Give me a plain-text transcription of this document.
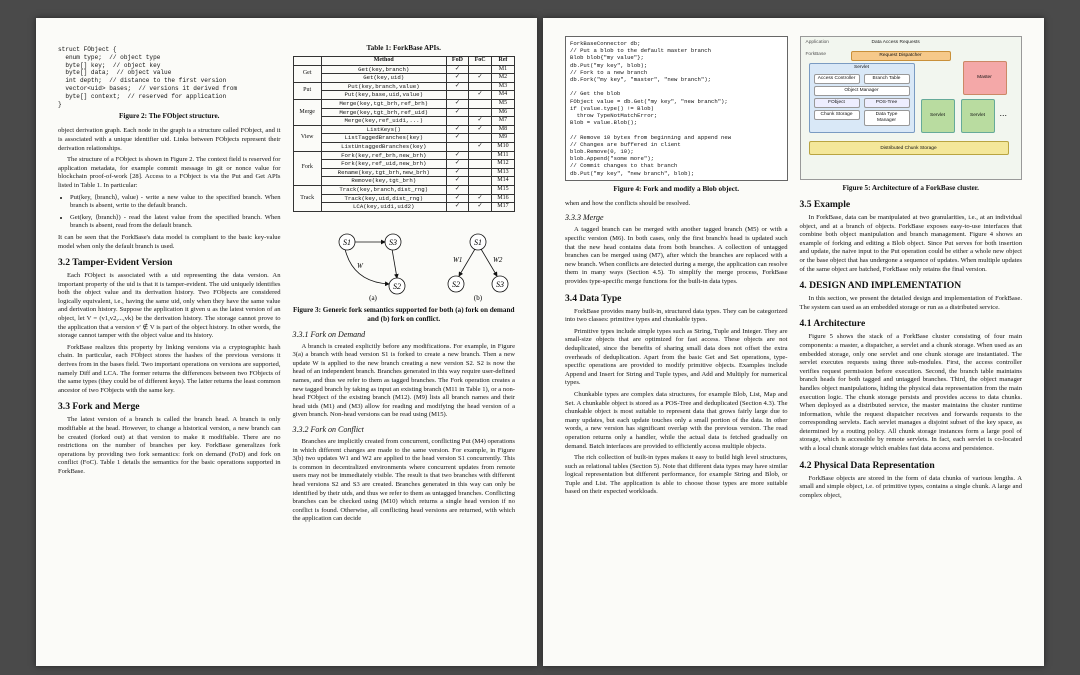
struct FObject {
enum type;  // object type
byte[] key;  // object key
byte[] data;  // object value
int depth;  // distance to the first version
vector<uid> bases;  // versions it derived from
byte[] context;  // reserved for application
}
Figure 2: The FObject structure.

object derivation graph. Each node in the graph is a structure called FObject, and it is associated with a unique identifier uid. Links between FObjects represent their derivation relationships.

The structure of a FObject is shown in Figure 2. The context field is reserved for application metadata, for example commit message in git or nonce value for blockchain proof-of-work [28]. Access to a FObject is via the Put and Get APIs listed in Table 1. In particular:

• Put(key, ⟨branch⟩, value) - write a new value to the specified branch. When branch is absent, write to the default branch.
• Get(key, ⟨branch⟩) - read the latest value from the specified branch. When branch is absent, read from the default branch.

It can be seen that the ForkBase's data model is compliant to the basic key-value model when only the default branch is used.

3.2 Tamper-Evident Version

Each FObject is associated with a uid representing the data version. An important property of the uid is that it is tamper-evident. The uid uniquely identifies both the object value and its derivation history. Two FObjects are considered logically equivalent, i.e., having the same uid, only when they have the same value and derivation history. Suppose the application it given u as the latest version of an object, let V = (v1,v2,...,vk) be the derivation history. The storage cannot prove to the application that a version v' ∉ V is part of the object history. In other words, the storage cannot tamper with the object value and its history.

ForkBase realizes this property by linking versions via a cryptographic hash chain. In particular, each FObject stores the hashes of the previous versions it derives from in the bases field. Two important operations on versions are supported, namely Diff and LCA. The former returns the differences between two FObjects of the same types (they could be of different keys). The latter returns the least common ancestor of two FObjects with the same key.

3.3 Fork and Merge

The latest version of a branch is called the branch head. A branch is only modifiable at the head. However, to change a historical version, a new branch can be created (forked out) at that version to make it modifiable. There are no restrictions on the number of branches per key. ForkBase generalizes fork operations by providing two fork semantics: fork on demand (FoD) and fork on conflict (FoC). Table 1 details the semantics for the basic operations supported in ForkBase.

Table 1: ForkBase APIs.
	Method	FoD	FoC	Ref
Get	Get(key,branch)	✓		M1
	Get(key,uid)	✓	✓	M2
Put	Put(key,branch,value)	✓		M3
	Put(key,base,uid,value)		✓	M4
Merge	Merge(key,tgt_brh,ref_brh)	✓		M5
	Merge(key,tgt_brh,ref_uid)	✓		M6
	Merge(key,ref_uid1,...)		✓	M7
View	ListKeys()	✓	✓	M8
	ListTaggedBranches(key)	✓		M9
	ListUntaggedBranches(key)		✓	M10
Fork	Fork(key,ref_brh,new_brh)	✓		M11
	Fork(key,ref_uid,new_brh)	✓		M12
	Rename(key,tgt_brh,new_brh)	✓		M13
	Remove(key,tgt_brh)	✓		M14
Track	Track(key,branch,dist_rng)	✓		M15
	Track(key,uid,dist_rng)	✓	✓	M16
	LCA(key,uid1,uid2)	✓	✓	M17
S1	S3
S2
W
(a)
S1
S2	S3
W1	W2
(b)
Figure 3: Generic fork semantics supported for both (a) fork on demand and (b) fork on conflict.
3.3.1 Fork on Demand

A branch is created explicitly before any modifications. For example, in Figure 3(a) a branch with head version S1 is forked to create a new branch. Then a new update W is applied to the new branch creating a new version S2. S2 is now the head of an independent branch. Branches generated in this way require user-defined names, and thus we refer to them as tagged branches. The Fork operation creates a new tagged branch by taking as input an existing branch (M11 in Table 1), or a non-head FObject of the existing branch (M12). (M9) lists all branch names and their head uids (M1) and (M3) allow for reading and modifying the head version of a given branch. Non-head versions can be read using (M15).

3.3.2 Fork on Conflict

Branches are implicitly created from concurrent, conflicting Put (M4) operations in which different changes are made to the same version. For example, in Figure 3(b) two updates W1 and W2 are applied to the head version S1 concurrently. This is common in decentralized environments where concurrent updates from remote users may not be immediately visible. The result is that two branches with different head versions S2 and S3 are created. Branches generated in this way can only be identified by their uids, and thus we refer to them as untagged branches. Conflicting branches can be checked using (M10) which returns a single head version if no conflict is found. Otherwise, all conflicting head versions are returned, with which the application can decide

ForkBaseConnector db;
// Put a blob to the default master branch
Blob blob{"my value"};
db.Put("my key", blob);
// Fork to a new branch
db.Fork("my key", "master", "new branch");

// Get the blob
FObject value = db.Get("my key", "new branch");
if (value.type() != Blob)
throw TypeNotMatchError;
Blob = value.Blob();

// Remove 10 bytes from beginning and append new
// Changes are buffered in client
blob.Remove(0, 10);
blob.Append("some more");
// Commit changes to that branch
db.Put("my key", "new branch", blob);
Figure 4: Fork and modify a Blob object.

when and how the conflicts should be resolved.

3.3.3 Merge

A tagged branch can be merged with another tagged branch (M5) or with a specific version (M6). In both cases, only the first branch's head is updated such that the new head contains data from both branches. A collection of untagged branches can be merged using (M7), after which the branches are replaced with a new branch. When conflicts are detected during a merge, the application can resolve them in many ways (Section 4.5). To simplify the merge process, ForkBase provides type-specific merge functions for the built-in data types.

3.4 Data Type

ForkBase provides many built-in, structured data types. They can be categorized into two classes: primitive types and chunkable types.

Primitive types include simple types such as String, Tuple and Integer. They are small-size objects that are optimized for fast access. These objects are not deduplicated, since the benefits of sharing small data does not offset the extra overheads of deduplication. Apart from the basic Get and Set operations, type-specific operations are provided to modify primitive objects. Examples include Append and Insert for String and Tuple types, and Add and Multiply for numerical types.

Chunkable types are complex data structures, for example Blob, List, Map and Set. A chunkable object is stored as a POS-Tree and deduplicated (Section 4.3). The chunkable object is most suitable to represent data that grows fairly large due to many updates, but each update touches only a small portion of the data. In other words, a new version has significant overlap with the previous version. The read operation returns only a handler, while the actual data is fetched gradually on demand. Batch interfaces are provided to efficiently access multiple objects.

The rich collection of built-in types makes it easy to build high level structures, such as relational tables (Section 5). Note that different data types may have similar logical representation but different performance, for example String and Blob, or Tuple and List. The application is able to choose those types are more suitable based on their expected workloads.

Application	Data Access Requests
ForkBase	Request Dispatcher
Master
Servlet
Access Controller	Branch Table
Object Manager
FObject	POS-Tree
Chunk Storage	Data Type Manager
Servlet	Servlet	...
Distributed Chunk Storage
Figure 5: Architecture of a ForkBase cluster.
3.5 Example

In ForkBase, data can be manipulated at two granularities, i.e., at an individual object, and at a branch of objects. ForkBase exposes easy-to-use interfaces that combine both object manipulation and branch management. Figure 4 shows an example of forking and editing a Blob object. Since Put serves for both insertion and update, the naive input to the Put operation could be either a whole new object or the base object that has undergone a sequence of updates. When multiple updates of the same object are batched, ForkBase only retains the final version.

4. DESIGN AND IMPLEMENTATION

In this section, we present the detailed design and implementation of ForkBase. The system can used as an embedded storage or run as a distributed service.

4.1 Architecture

Figure 5 shows the stack of a ForkBase cluster consisting of four main components: a master, a dispatcher, a servlet and a chunk storage. When used as an embedded storage, only one servlet and one chunk storage are instantiated. The servlet executes requests using three sub-modules. First, the access controller verifies request permission before execution. Second, the branch table maintains branch heads for both tagged and untagged branches. Third, the object manager handles object manipulations, hiding the physical data representation from the main execution logic. The chunk storage persists and provides access to data chunks. When deployed as a distributed service, the master maintains the cluster runtime information, while the request dispatcher receives and forwards requests to the corresponding servlets. Each servlet manages a disjoint subset of the key space, as determined by a routing policy. All chunk storage instances form a large pool of storage, which is accessible by remote servlets. In fact, each servlet is co-located with a local chunk storage which enables fast data access and persistence.

4.2 Physical Data Representation

ForkBase objects are stored in the form of data chunks of various lengths. A small and simple object, i.e. of primitive types, contains a single chunk. A large and complex object,
